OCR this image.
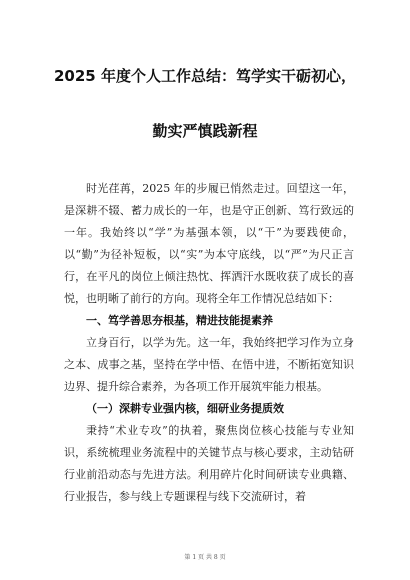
2025 年度个人工作总结：笃学实干砺初心，
勤实严慎践新程

时光荏苒，2025 年的步履已悄然走过。回望这一年，是深耕不辍、蓄力成长的一年，也是守正创新、笃行致远的一年。我始终以“学”为基强本领，以“干”为要践使命，以“勤”为径补短板，以“实”为本守底线，以“严”为尺正言行，在平凡的岗位上倾注热忱、挥洒汗水既收获了成长的喜悦，也明晰了前行的方向。现将全年工作情况总结如下：

一、笃学善思夯根基，精进技能提素养

立身百行，以学为先。这一年，我始终把学习作为立身之本、成事之基，坚持在学中悟、在悟中进，不断拓宽知识边界、提升综合素养，为各项工作开展筑牢能力根基。

（一）深耕专业强内核，细研业务提质效

秉持“术业专攻”的执着，聚焦岗位核心技能与专业知识，系统梳理业务流程中的关键节点与核心要求，主动钻研行业前沿动态与先进方法。利用碎片化时间研读专业典籍、行业报告，参与线上专题课程与线下交流研讨，着

第 1 页 共 8 页
